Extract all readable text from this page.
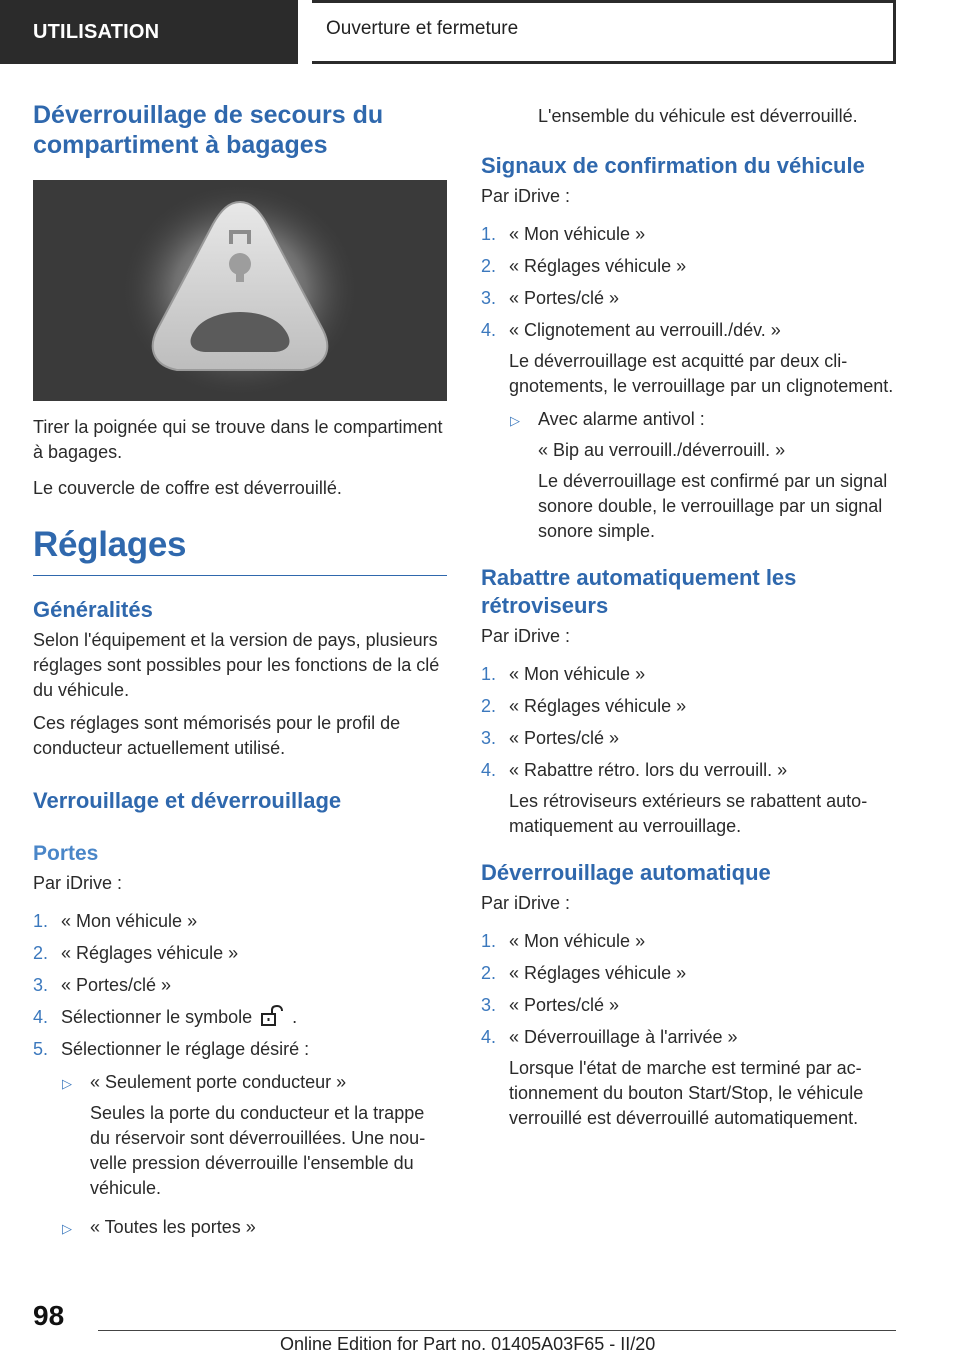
UTILISATION	Ouverture et fermeture
Déverrouillage de secours du compartiment à bagages

Tirer la poignée qui se trouve dans le compartiment à bagages.

Le couvercle de coffre est déverrouillé.

Réglages
Généralités

Selon l'équipement et la version de pays, plusieurs réglages sont possibles pour les fonctions de la clé du véhicule.

Ces réglages sont mémorisés pour le profil de conducteur actuellement utilisé.

Verrouillage et déverrouillage
Portes

Par iDrive :

1. « Mon véhicule »
2. « Réglages véhicule »
3. « Portes/clé »
4. Sélectionner le symbole .
5. Sélectionner le réglage désiré :
▷ « Seulement porte conducteur »

Seules la porte du conducteur et la trappe du réservoir sont déverrouillées. Une nouvelle pression déverrouille l'ensemble du véhicule.

▷ « Toutes les portes »

L'ensemble du véhicule est déverrouillé.

Signaux de confirmation du véhicule

Par iDrive :

1. « Mon véhicule »
2. « Réglages véhicule »
3. « Portes/clé »
4. « Clignotement au verrouill./dév. »

Le déverrouillage est acquitté par deux clignotements, le verrouillage par un clignotement.

▷ Avec alarme antivol :

« Bip au verrouill./déverrouill. »

Le déverrouillage est confirmé par un signal sonore double, le verrouillage par un signal sonore simple.

Rabattre automatiquement les rétroviseurs

Par iDrive :

1. « Mon véhicule »
2. « Réglages véhicule »
3. « Portes/clé »
4. « Rabattre rétro. lors du verrouill. »

Les rétroviseurs extérieurs se rabattent automatiquement au verrouillage.

Déverrouillage automatique

Par iDrive :

1. « Mon véhicule »
2. « Réglages véhicule »
3. « Portes/clé »
4. « Déverrouillage à l'arrivée »

Lorsque l'état de marche est terminé par actionnement du bouton Start/Stop, le véhicule verrouillé est déverrouillé automatiquement.

98
Online Edition for Part no. 01405A03F65 - II/20
